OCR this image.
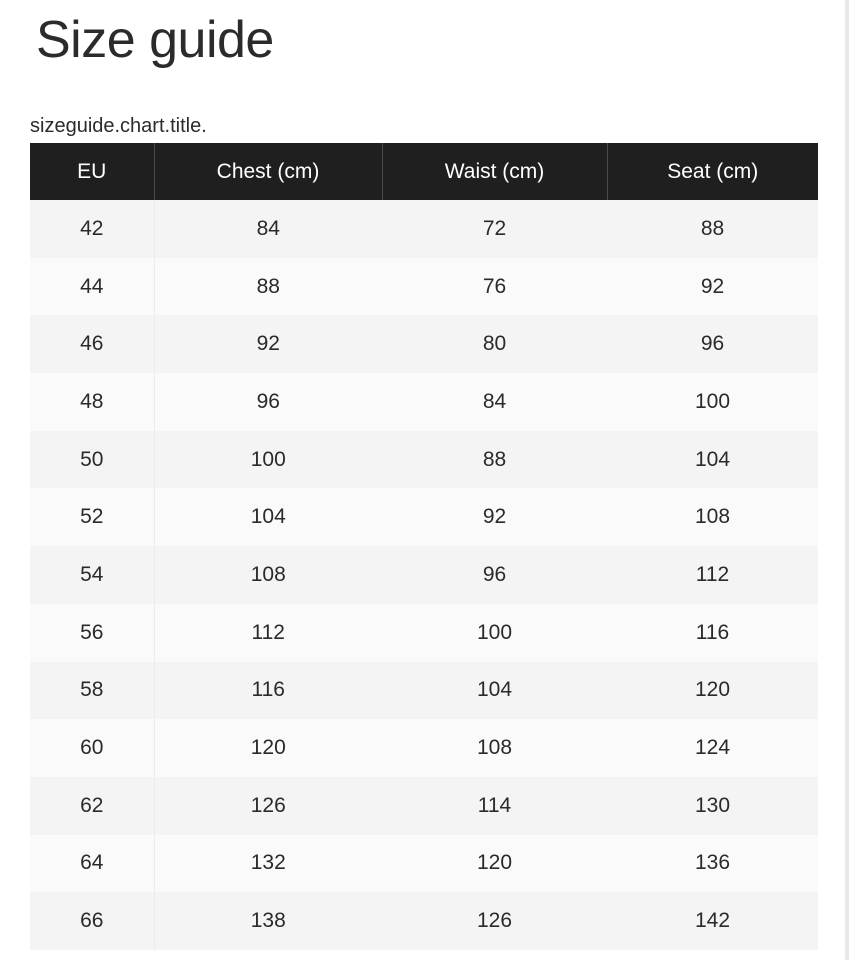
Size guide
sizeguide.chart.title.
EU	Chest (cm)	Waist (cm)	Seat (cm)
42	84	72	88
44	88	76	92
46	92	80	96
48	96	84	100
50	100	88	104
52	104	92	108
54	108	96	112
56	112	100	116
58	116	104	120
60	120	108	124
62	126	114	130
64	132	120	136
66	138	126	142
